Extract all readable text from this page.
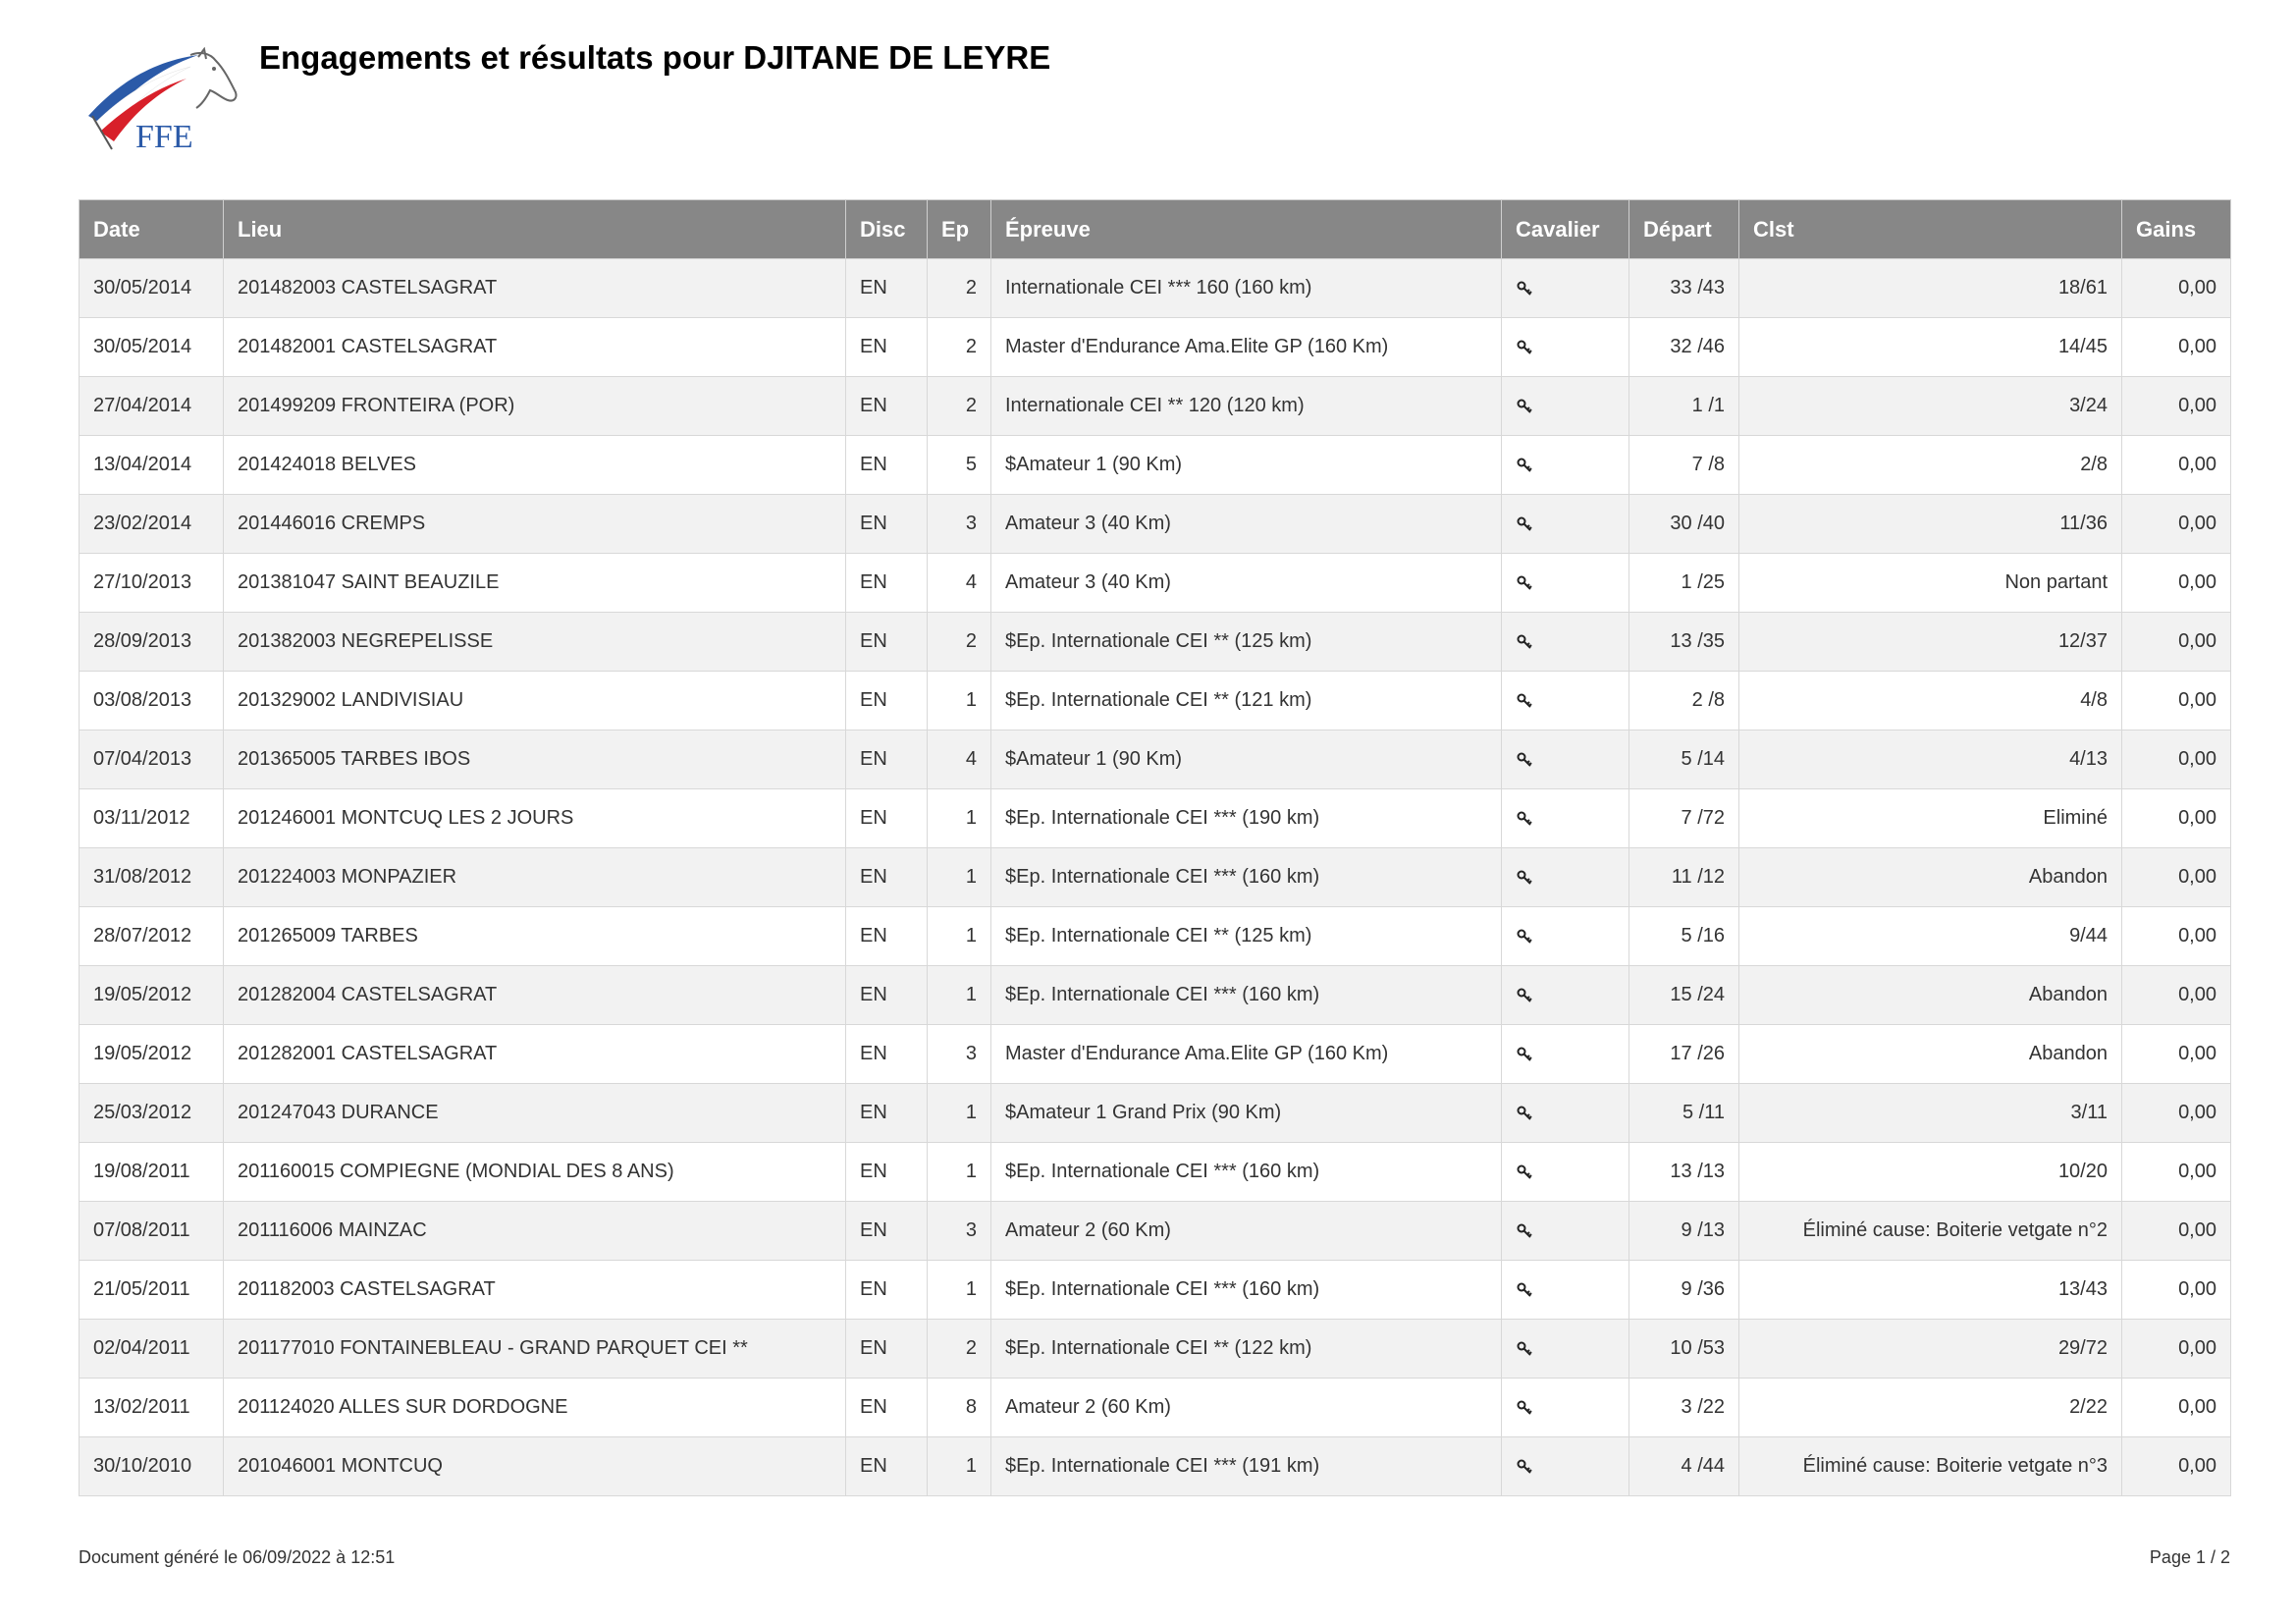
FFE
Engagements et résultats pour DJITANE DE LEYRE
Date	Lieu	Disc	Ep	Épreuve	Cavalier	Départ	Clst	Gains
30/05/2014	201482003 CASTELSAGRAT	EN	2	Internationale CEI *** 160 (160 km)		33 /43	18/61	0,00
30/05/2014	201482001 CASTELSAGRAT	EN	2	Master d'Endurance Ama.Elite GP (160 Km)		32 /46	14/45	0,00
27/04/2014	201499209 FRONTEIRA (POR)	EN	2	Internationale CEI ** 120 (120 km)		1 /1	3/24	0,00
13/04/2014	201424018 BELVES	EN	5	$Amateur 1 (90 Km)		7 /8	2/8	0,00
23/02/2014	201446016 CREMPS	EN	3	Amateur 3 (40 Km)		30 /40	11/36	0,00
27/10/2013	201381047 SAINT BEAUZILE	EN	4	Amateur 3 (40 Km)		1 /25	Non partant	0,00
28/09/2013	201382003 NEGREPELISSE	EN	2	$Ep. Internationale CEI ** (125 km)		13 /35	12/37	0,00
03/08/2013	201329002 LANDIVISIAU	EN	1	$Ep. Internationale CEI ** (121 km)		2 /8	4/8	0,00
07/04/2013	201365005 TARBES IBOS	EN	4	$Amateur 1 (90 Km)		5 /14	4/13	0,00
03/11/2012	201246001 MONTCUQ LES 2 JOURS	EN	1	$Ep. Internationale CEI *** (190 km)		7 /72	Eliminé	0,00
31/08/2012	201224003 MONPAZIER	EN	1	$Ep. Internationale CEI *** (160 km)		11 /12	Abandon	0,00
28/07/2012	201265009 TARBES	EN	1	$Ep. Internationale CEI ** (125 km)		5 /16	9/44	0,00
19/05/2012	201282004 CASTELSAGRAT	EN	1	$Ep. Internationale CEI *** (160 km)		15 /24	Abandon	0,00
19/05/2012	201282001 CASTELSAGRAT	EN	3	Master d'Endurance Ama.Elite GP (160 Km)		17 /26	Abandon	0,00
25/03/2012	201247043 DURANCE	EN	1	$Amateur 1 Grand Prix (90 Km)		5 /11	3/11	0,00
19/08/2011	201160015 COMPIEGNE (MONDIAL DES 8 ANS)	EN	1	$Ep. Internationale CEI *** (160 km)		13 /13	10/20	0,00
07/08/2011	201116006 MAINZAC	EN	3	Amateur 2 (60 Km)		9 /13	Éliminé cause: Boiterie vetgate n°2	0,00
21/05/2011	201182003 CASTELSAGRAT	EN	1	$Ep. Internationale CEI *** (160 km)		9 /36	13/43	0,00
02/04/2011	201177010 FONTAINEBLEAU - GRAND PARQUET CEI **	EN	2	$Ep. Internationale CEI ** (122 km)		10 /53	29/72	0,00
13/02/2011	201124020 ALLES SUR DORDOGNE	EN	8	Amateur 2 (60 Km)		3 /22	2/22	0,00
30/10/2010	201046001 MONTCUQ	EN	1	$Ep. Internationale CEI *** (191 km)		4 /44	Éliminé cause: Boiterie vetgate n°3	0,00
Document généré le 06/09/2022 à 12:51	Page 1 / 2
